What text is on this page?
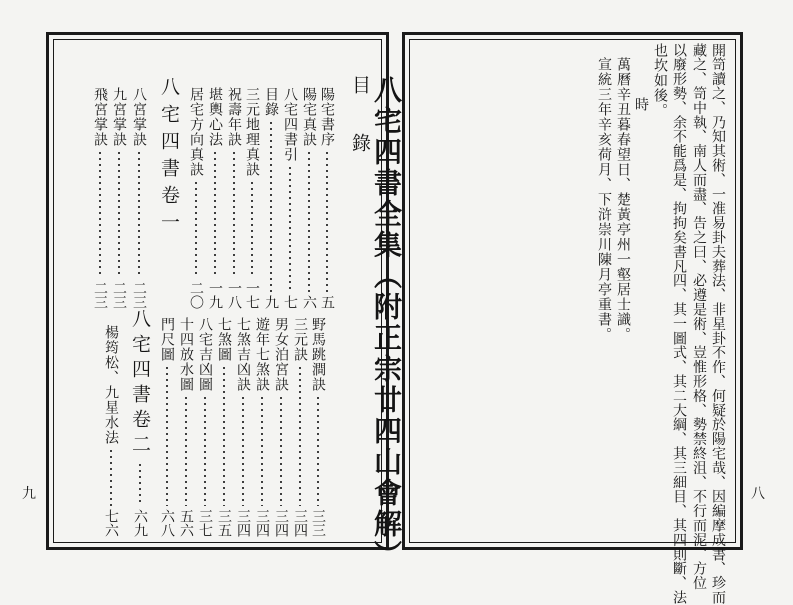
九	八
八宅四書全集（附正宗廿四山會解）
目　錄
陽宅書序
五
陽宅真訣
六
八宅四書引
七
目錄
九
三元地理真訣
一七
祝壽年訣
一八
堪輿心法
一九
居宅方向真訣
二〇
八宅四書卷一
八宮掌訣
二三
九宮掌訣
二三
飛宮掌訣
二三
野馬跳澗訣
三三
三元訣
三四
男女泊宮訣
三四
遊年七煞訣
三四
七煞吉凶訣
三四
七煞圖
三五
八宅吉凶圖
三七
十四放水圖
五六
門尺圖
六八
八宅四書卷二
六九
楊筠松、九星水法
七六	開笥讀之、乃知其術、一准易卦夫葬法、非星卦不作、何疑於陽宅哉、因編摩成書、珍而
藏之、笥中執、南人而盡、告之曰、必遵是術、豈惟形格、勢禁終沮、不行而泥、方位
以廢形勢、余不能爲是、拘拘矣書凡四、其一圖式、其二大綱、其三細目、其四則斷、法
也坎如後。
時
萬曆辛丑暮春望日、楚黃亭州一壑居士識。
宣統三年辛亥荷月、下浒崇川陳月亭重書。
